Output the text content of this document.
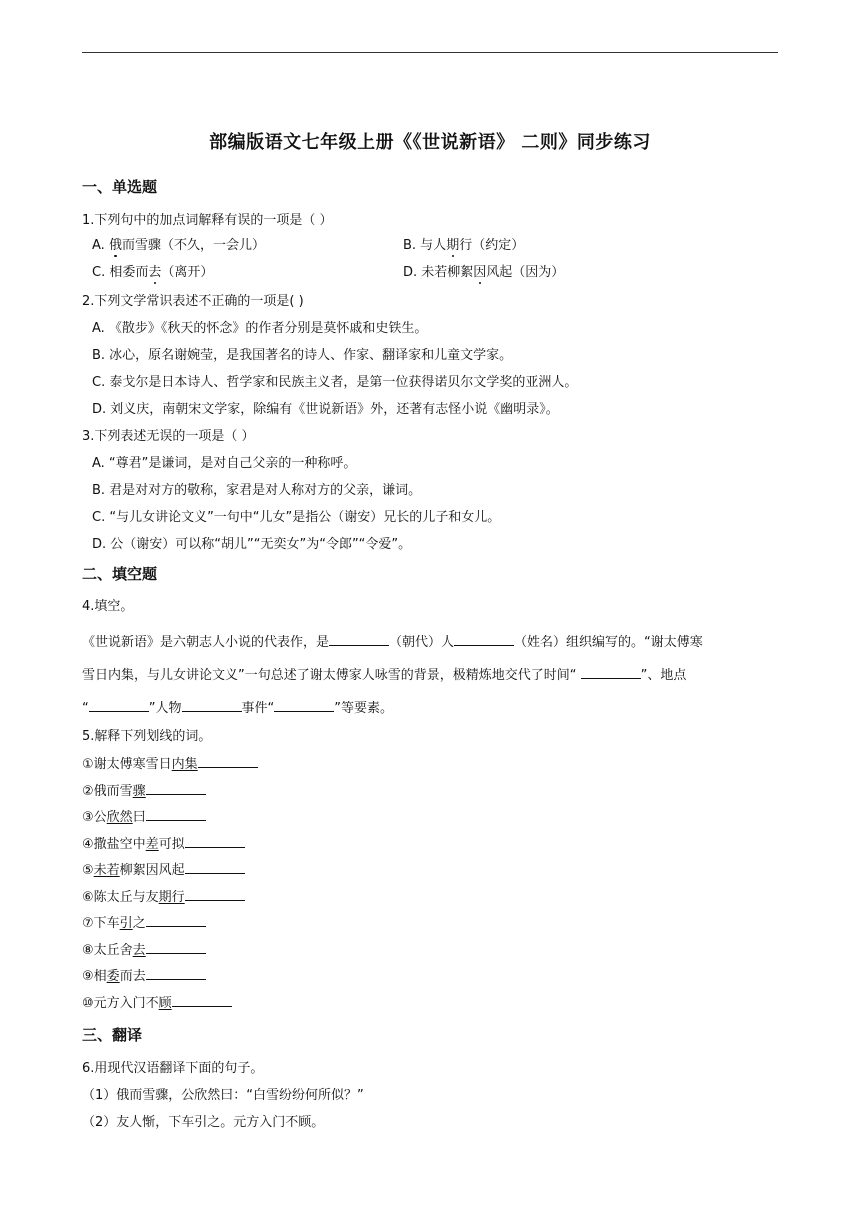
部编版语文七年级上册《《世说新语》 二则》同步练习
一、单选题
1.下列句中的加点词解释有误的一项是（ ）
A. 俄而雪骤（不久，一会儿）	B. 与人期行（约定）
C. 相委而去（离开）	D. 未若柳絮因风起（因为）
2.下列文学常识表述不正确的一项是( )
A. 《散步》《秋天的怀念》的作者分别是莫怀戚和史铁生。
B. 冰心，原名谢婉莹，是我国著名的诗人、作家、翻译家和儿童文学家。
C. 泰戈尔是日本诗人、哲学家和民族主义者，是第一位获得诺贝尔文学奖的亚洲人。
D. 刘义庆，南朝宋文学家，除编有《世说新语》外，还著有志怪小说《幽明录》。
3.下列表述无误的一项是（ ）
A. “尊君”是谦词，是对自己父亲的一种称呼。
B. 君是对对方的敬称，家君是对人称对方的父亲，谦词。
C. “与儿女讲论文义”一句中“儿女”是指公（谢安）兄长的儿子和女儿。
D. 公（谢安）可以称“胡儿”“无奕女”为“令郎”“令爱”。
二、填空题
4.填空。
《世说新语》是六朝志人小说的代表作，是	（朝代）人	（姓名）组织编写的。“谢太傅寒
雪日内集，与儿女讲论文义”一句总述了谢太傅家人咏雪的背景，极精炼地交代了时间“	”、地点
“	”人物	事件“	”等要素。
5.解释下列划线的词。
①谢太傅寒雪日内集
②俄而雪骤
③公欣然曰
④撒盐空中差可拟
⑤未若柳絮因风起
⑥陈太丘与友期行
⑦下车引之
⑧太丘舍去
⑨相委而去
⑩元方入门不顾
三、翻译
6.用现代汉语翻译下面的句子。
（1）俄而雪骤，公欣然曰：“白雪纷纷何所似？”
（2）友人惭，下车引之。元方入门不顾。
